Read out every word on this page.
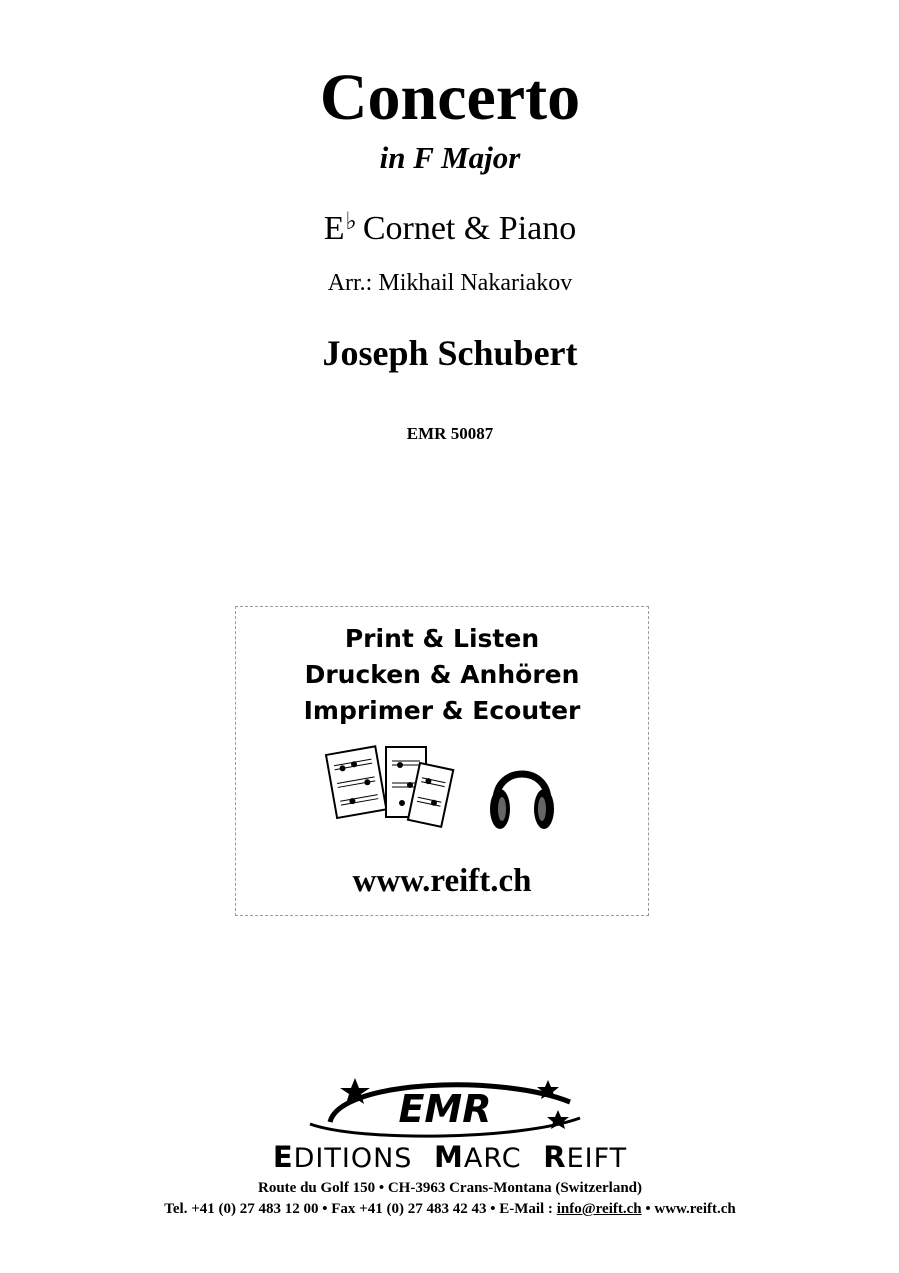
Concerto
in F Major
E♭ Cornet & Piano
Arr.: Mikhail Nakariakov
Joseph Schubert
EMR 50087
Print & Listen
Drucken & Anhören
Imprimer & Ecouter
www.reift.ch
EMR
EDITIONS MARC REIFT
Route du Golf 150 • CH-3963 Crans-Montana (Switzerland)
Tel. +41 (0) 27 483 12 00 • Fax +41 (0) 27 483 42 43 • E-Mail : info@reift.ch • www.reift.ch
